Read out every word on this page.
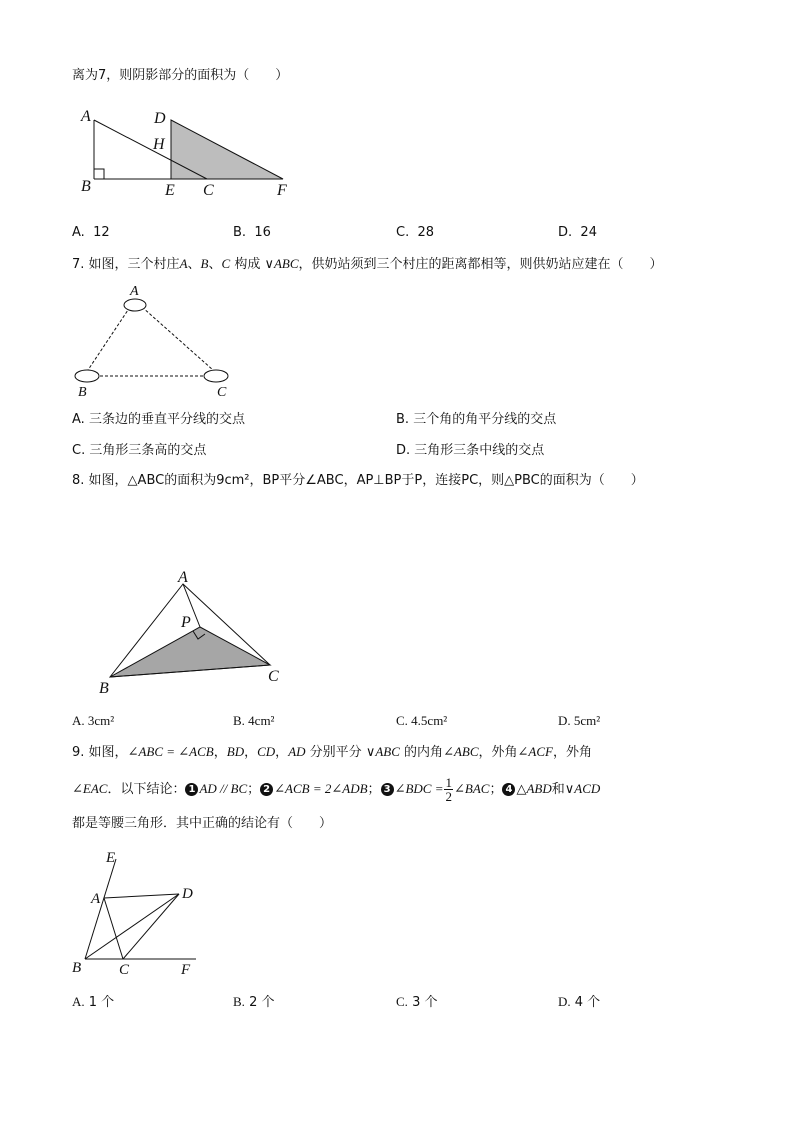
离为7，则阴影部分的面积为（　　）
A
B
D
H
E C	F
A. 12	B. 16	C. 28	D. 24
7. 如图，三个村庄A、B、C 构成 ∨ABC，供奶站须到三个村庄的距离都相等，则供奶站应建在（　　）
A
B	C
A. 三条边的垂直平分线的交点	B. 三个角的角平分线的交点
C. 三角形三条高的交点	D. 三角形三条中线的交点
8. 如图，△ABC的面积为9cm²，BP平分∠ABC，AP⊥BP于P，连接PC，则△PBC的面积为（　　）
A
P
B
C
A. 3cm²	B. 4cm²	C. 4.5cm²	D. 5cm²
9. 如图，∠ABC = ∠ACB，BD，CD，AD 分别平分 ∨ABC 的内角∠ABC，外角∠ACF，外角
∠EAC．以下结论： 1 AD // BC； 2 ∠ACB = 2∠ADB； 3 ∠BDC = $\frac{1}{2}$ ∠BAC； 4 △ABD和∨ACD
都是等腰三角形．其中正确的结论有（　　）
E
A	D
B	C	F
A. 1 个	B. 2 个	C. 3 个	D. 4 个
